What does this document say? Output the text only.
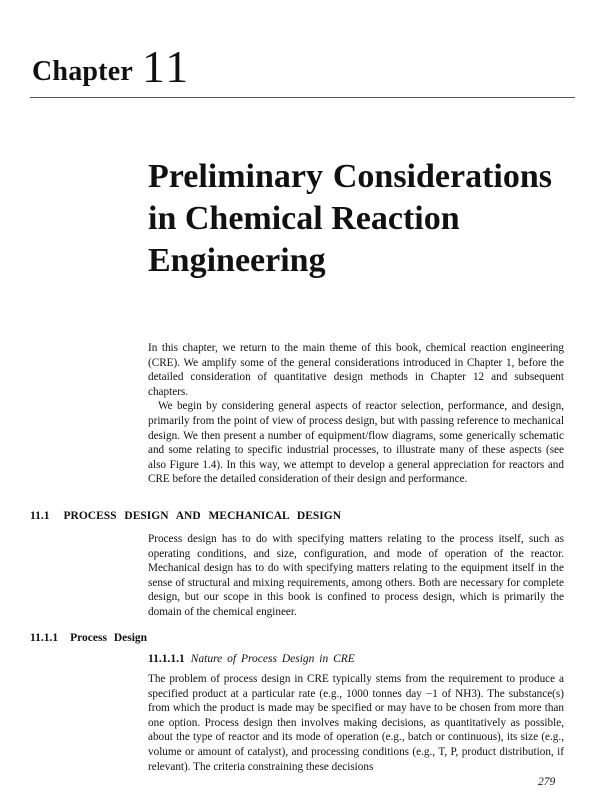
Chapter 11
Preliminary Considerations
in Chemical Reaction
Engineering

In this chapter, we return to the main theme of this book, chemical reaction engineering (CRE). We amplify some of the general considerations introduced in Chapter 1, before the detailed consideration of quantitative design methods in Chapter 12 and subsequent chapters.

We begin by considering general aspects of reactor selection, performance, and design, primarily from the point of view of process design, but with passing reference to mechanical design. We then present a number of equipment/flow diagrams, some generically schematic and some relating to specific industrial processes, to illustrate many of these aspects (see also Figure 1.4). In this way, we attempt to develop a general appreciation for reactors and CRE before the detailed consideration of their design and performance.

11.1 PROCESS DESIGN AND MECHANICAL DESIGN

Process design has to do with specifying matters relating to the process itself, such as operating conditions, and size, configuration, and mode of operation of the reactor. Mechanical design has to do with specifying matters relating to the equipment itself in the sense of structural and mixing requirements, among others. Both are necessary for complete design, but our scope in this book is confined to process design, which is primarily the domain of the chemical engineer.

11.1.1 Process Design
11.1.1.1 Nature of Process Design in CRE

The problem of process design in CRE typically stems from the requirement to produce a specified product at a particular rate (e.g., 1000 tonnes day −1 of NH3). The substance(s) from which the product is made may be specified or may have to be chosen from more than one option. Process design then involves making decisions, as quantitatively as possible, about the type of reactor and its mode of operation (e.g., batch or continuous), its size (e.g., volume or amount of catalyst), and processing conditions (e.g., T, P, product distribution, if relevant). The criteria constraining these decisions

279
